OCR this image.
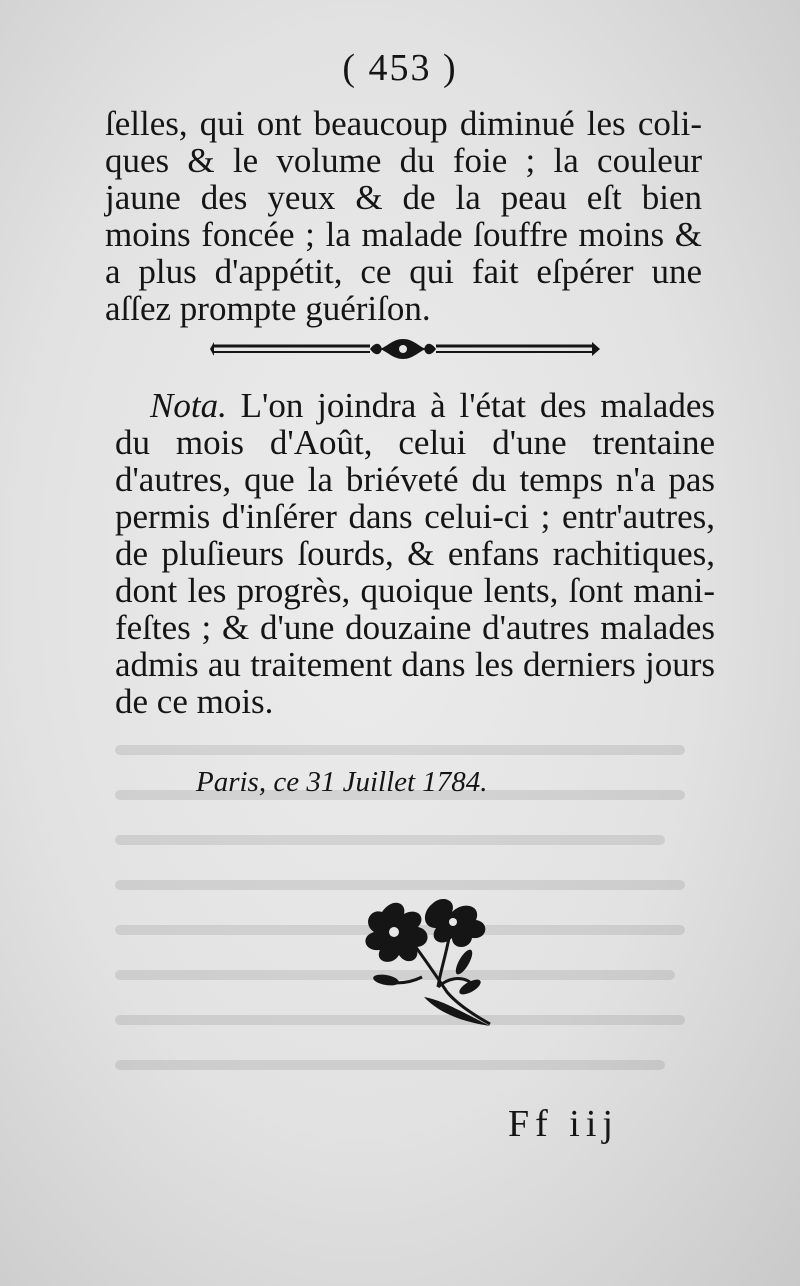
( 453 )
ſelles, qui ont beaucoup diminué les coli-
ques & le volume du foie ; la couleur
jaune des yeux & de la peau eſt bien
moins foncée ; la malade ſouffre moins &
a plus d'appétit, ce qui fait eſpérer une
aſſez prompte guériſon.
Nota. L'on joindra à l'état des malades
du mois d'Août, celui d'une trentaine
d'autres, que la briéveté du temps n'a pas
permis d'inſérer dans celui-ci ; entr'autres,
de pluſieurs ſourds, & enfans rachitiques,
dont les progrès, quoique lents, ſont mani-
feſtes ; & d'une douzaine d'autres malades
admis au traitement dans les derniers jours
de ce mois.
Paris, ce 31 Juillet 1784.
Ff iij
